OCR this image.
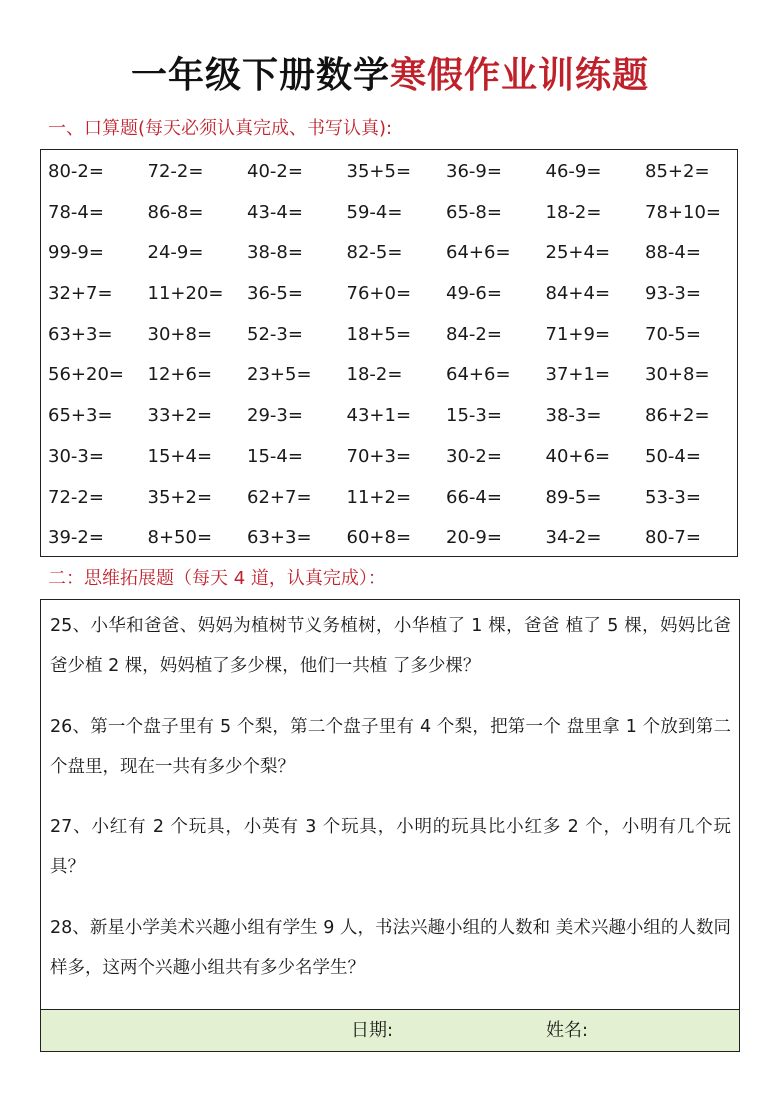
一年级下册数学寒假作业训练题
一、口算题(每天必须认真完成、书写认真):
80-2=	72-2=	40-2=	35+5=	36-9=	46-9=	85+2=
78-4=	86-8=	43-4=	59-4=	65-8=	18-2=	78+10=
99-9=	24-9=	38-8=	82-5=	64+6=	25+4=	88-4=
32+7=	11+20=	36-5=	76+0=	49-6=	84+4=	93-3=
63+3=	30+8=	52-3=	18+5=	84-2=	71+9=	70-5=
56+20=	12+6=	23+5=	18-2=	64+6=	37+1=	30+8=
65+3=	33+2=	29-3=	43+1=	15-3=	38-3=	86+2=
30-3=	15+4=	15-4=	70+3=	30-2=	40+6=	50-4=
72-2=	35+2=	62+7=	11+2=	66-4=	89-5=	53-3=
39-2=	8+50=	63+3=	60+8=	20-9=	34-2=	80-7=
二：思维拓展题（每天 4 道，认真完成）：
25、小华和爸爸、妈妈为植树节义务植树，小华植了 1 棵，爸爸 植了 5 棵，妈妈比爸爸少植 2 棵，妈妈植了多少棵，他们一共植 了多少棵？
26、第一个盘子里有 5 个梨，第二个盘子里有 4 个梨，把第一个 盘里拿 1 个放到第二个盘里，现在一共有多少个梨？
27、小红有 2 个玩具，小英有 3 个玩具，小明的玩具比小红多 2 个，小明有几个玩具？
28、新星小学美术兴趣小组有学生 9 人，书法兴趣小组的人数和 美术兴趣小组的人数同样多，这两个兴趣小组共有多少名学生？
日期:	姓名:
